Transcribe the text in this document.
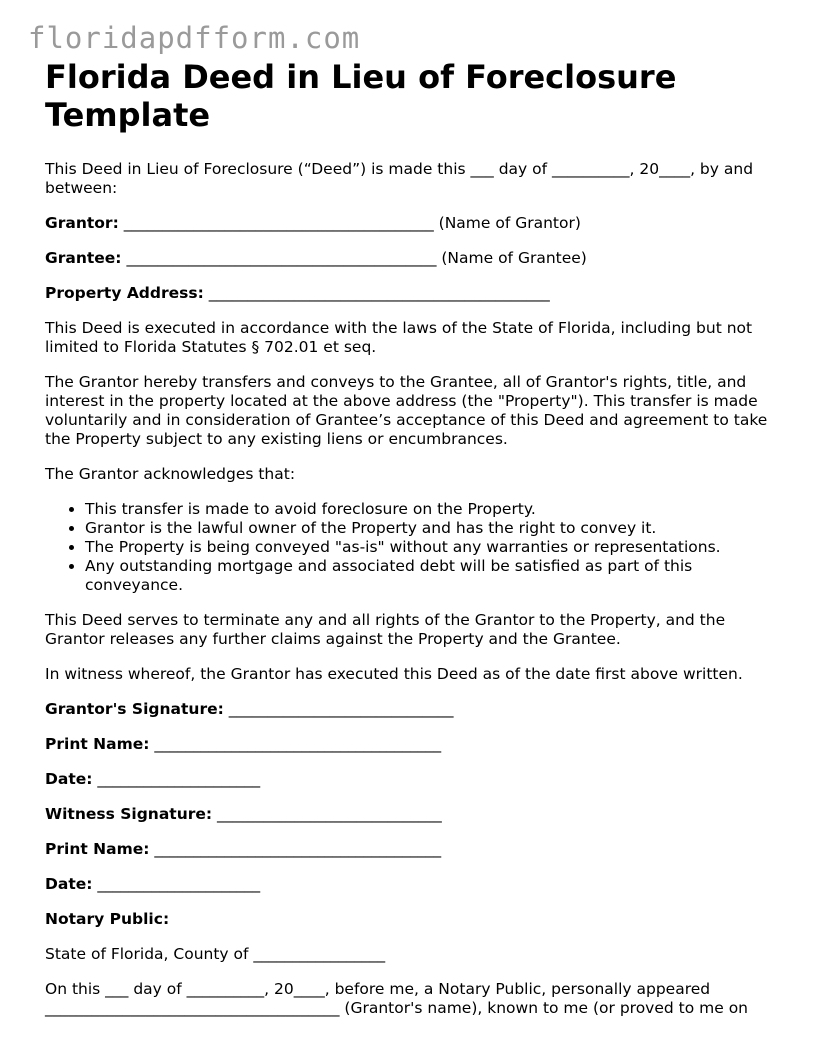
floridapdfform.com
Florida Deed in Lieu of Foreclosure Template

This Deed in Lieu of Foreclosure (“Deed”) is made this ___ day of __________, 20____, by and between:

Grantor: ________________________________________ (Name of Grantor)

Grantee: ________________________________________ (Name of Grantee)

Property Address: ____________________________________________

This Deed is executed in accordance with the laws of the State of Florida, including but not limited to Florida Statutes § 702.01 et seq.

The Grantor hereby transfers and conveys to the Grantee, all of Grantor's rights, title, and interest in the property located at the above address (the "Property"). This transfer is made voluntarily and in consideration of Grantee’s acceptance of this Deed and agreement to take the Property subject to any existing liens or encumbrances.

The Grantor acknowledges that:

• This transfer is made to avoid foreclosure on the Property.
• Grantor is the lawful owner of the Property and has the right to convey it.
• The Property is being conveyed "as-is" without any warranties or representations.
• Any outstanding mortgage and associated debt will be satisfied as part of this conveyance.

This Deed serves to terminate any and all rights of the Grantor to the Property, and the Grantor releases any further claims against the Property and the Grantee.

In witness whereof, the Grantor has executed this Deed as of the date first above written.

Grantor's Signature: _____________________________

Print Name: _____________________________________

Date: _____________________

Witness Signature: _____________________________

Print Name: _____________________________________

Date: _____________________

Notary Public:

State of Florida, County of _________________

On this ___ day of __________, 20____, before me, a Notary Public, personally appeared ______________________________________ (Grantor's name), known to me (or proved to me on
